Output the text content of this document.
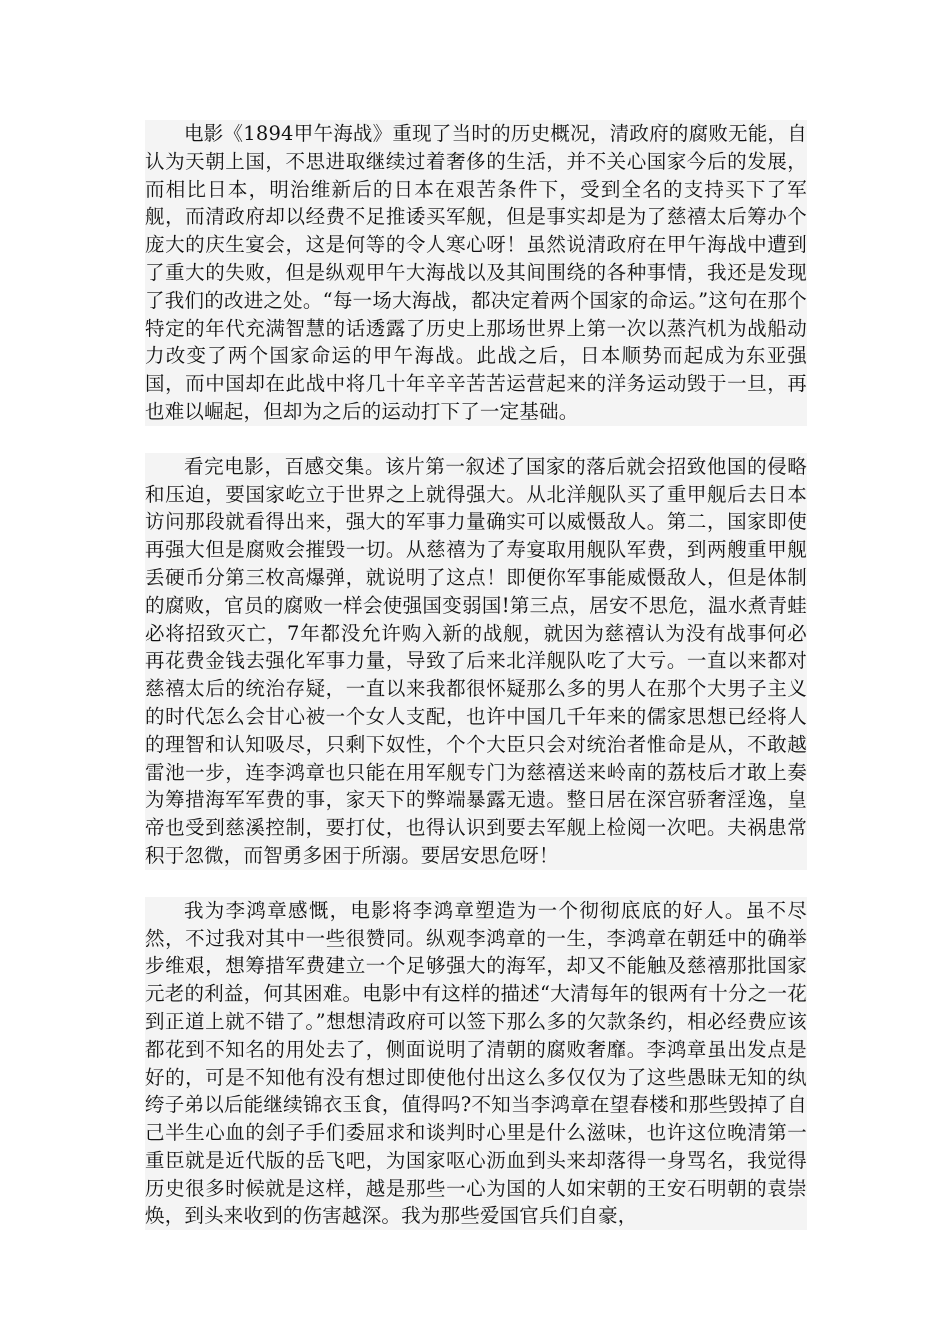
电影《1894甲午海战》重现了当时的历史概况，清政府的腐败无能，自认为天朝上国，不思进取继续过着奢侈的生活，并不关心国家今后的发展，而相比日本，明治维新后的日本在艰苦条件下，受到全名的支持买下了军舰，而清政府却以经费不足推诿买军舰，但是事实却是为了慈禧太后筹办个庞大的庆生宴会，这是何等的令人寒心呀！虽然说清政府在甲午海战中遭到了重大的失败，但是纵观甲午大海战以及其间围绕的各种事情，我还是发现了我们的改进之处。“每一场大海战，都决定着两个国家的命运。”这句在那个特定的年代充满智慧的话透露了历史上那场世界上第一次以蒸汽机为战船动力改变了两个国家命运的甲午海战。此战之后，日本顺势而起成为东亚强国，而中国却在此战中将几十年辛辛苦苦运营起来的洋务运动毁于一旦，再也难以崛起，但却为之后的运动打下了一定基础。

看完电影，百感交集。该片第一叙述了国家的落后就会招致他国的侵略和压迫，要国家屹立于世界之上就得强大。从北洋舰队买了重甲舰后去日本访问那段就看得出来，强大的军事力量确实可以威慑敌人。第二，国家即使再强大但是腐败会摧毁一切。从慈禧为了寿宴取用舰队军费，到两艘重甲舰丢硬币分第三枚高爆弹，就说明了这点！即便你军事能威慑敌人，但是体制的腐败，官员的腐败一样会使强国变弱国!第三点，居安不思危，温水煮青蛙必将招致灭亡，7年都没允许购入新的战舰，就因为慈禧认为没有战事何必再花费金钱去强化军事力量，导致了后来北洋舰队吃了大亏。一直以来都对慈禧太后的统治存疑，一直以来我都很怀疑那么多的男人在那个大男子主义的时代怎么会甘心被一个女人支配，也许中国几千年来的儒家思想已经将人的理智和认知吸尽，只剩下奴性，个个大臣只会对统治者惟命是从，不敢越雷池一步，连李鸿章也只能在用军舰专门为慈禧送来岭南的荔枝后才敢上奏为筹措海军军费的事，家天下的弊端暴露无遗。整日居在深宫骄奢淫逸，皇帝也受到慈溪控制，要打仗，也得认识到要去军舰上检阅一次吧。夫祸患常积于忽微，而智勇多困于所溺。要居安思危呀！

我为李鸿章感慨，电影将李鸿章塑造为一个彻彻底底的好人。虽不尽然，不过我对其中一些很赞同。纵观李鸿章的一生，李鸿章在朝廷中的确举步维艰，想筹措军费建立一个足够强大的海军，却又不能触及慈禧那批国家元老的利益，何其困难。电影中有这样的描述“大清每年的银两有十分之一花到正道上就不错了。”想想清政府可以签下那么多的欠款条约，相必经费应该都花到不知名的用处去了，侧面说明了清朝的腐败奢靡。李鸿章虽出发点是好的，可是不知他有没有想过即使他付出这么多仅仅为了这些愚昧无知的纨绔子弟以后能继续锦衣玉食，值得吗?不知当李鸿章在望春楼和那些毁掉了自己半生心血的刽子手们委屈求和谈判时心里是什么滋味，也许这位晚清第一重臣就是近代版的岳飞吧，为国家呕心沥血到头来却落得一身骂名，我觉得历史很多时候就是这样，越是那些一心为国的人如宋朝的王安石明朝的袁崇焕，到头来收到的伤害越深。我为那些爱国官兵们自豪，
